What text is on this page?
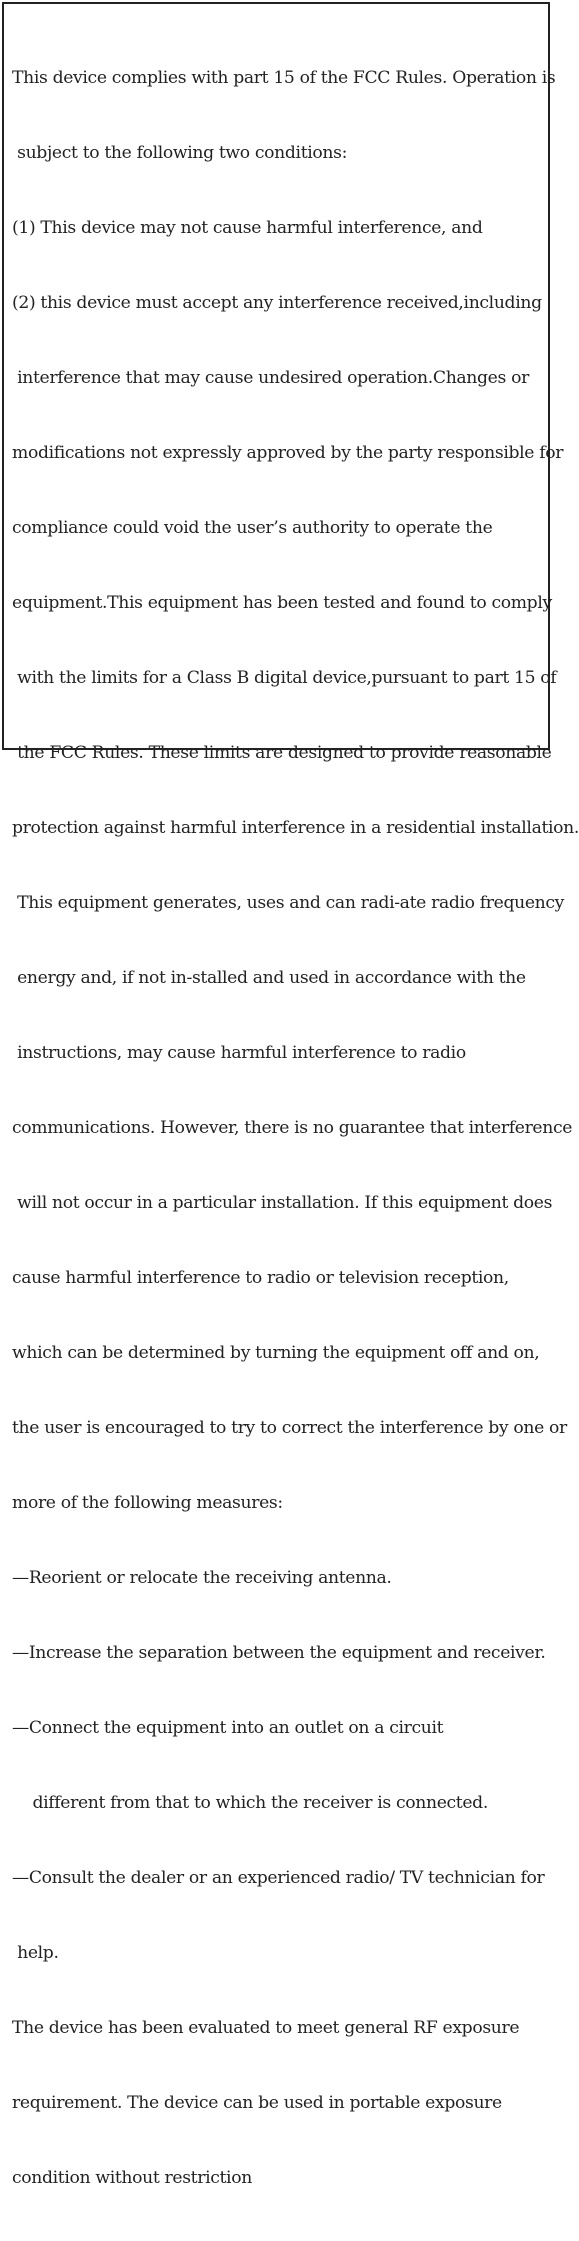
This device complies with part 15 of the FCC Rules. Operation is

subject to the following two conditions:

(1) This device may not cause harmful interference, and

(2) this device must accept any interference received,including

interference that may cause undesired operation.Changes or

modifications not expressly approved by the party responsible for

compliance could void the user’s authority to operate the

equipment.This equipment has been tested and found to comply

with the limits for a Class B digital device,pursuant to part 15 of

the FCC Rules. These limits are designed to provide reasonable

protection against harmful interference in a residential installation.

This equipment generates, uses and can radi-ate radio frequency

energy and, if not in-stalled and used in accordance with the

instructions, may cause harmful interference to radio

communications. However, there is no guarantee that interference

will not occur in a particular installation. If this equipment does

cause harmful interference to radio or television reception,

which can be determined by turning the equipment off and on,

the user is encouraged to try to correct the interference by one or

more of the following measures:

—Reorient or relocate the receiving antenna.

—Increase the separation between the equipment and receiver.

—Connect the equipment into an outlet on a circuit

different from that to which the receiver is connected.

—Consult the dealer or an experienced radio/ TV technician for

help.

The device has been evaluated to meet general RF exposure

requirement. The device can be used in portable exposure

condition without restriction
